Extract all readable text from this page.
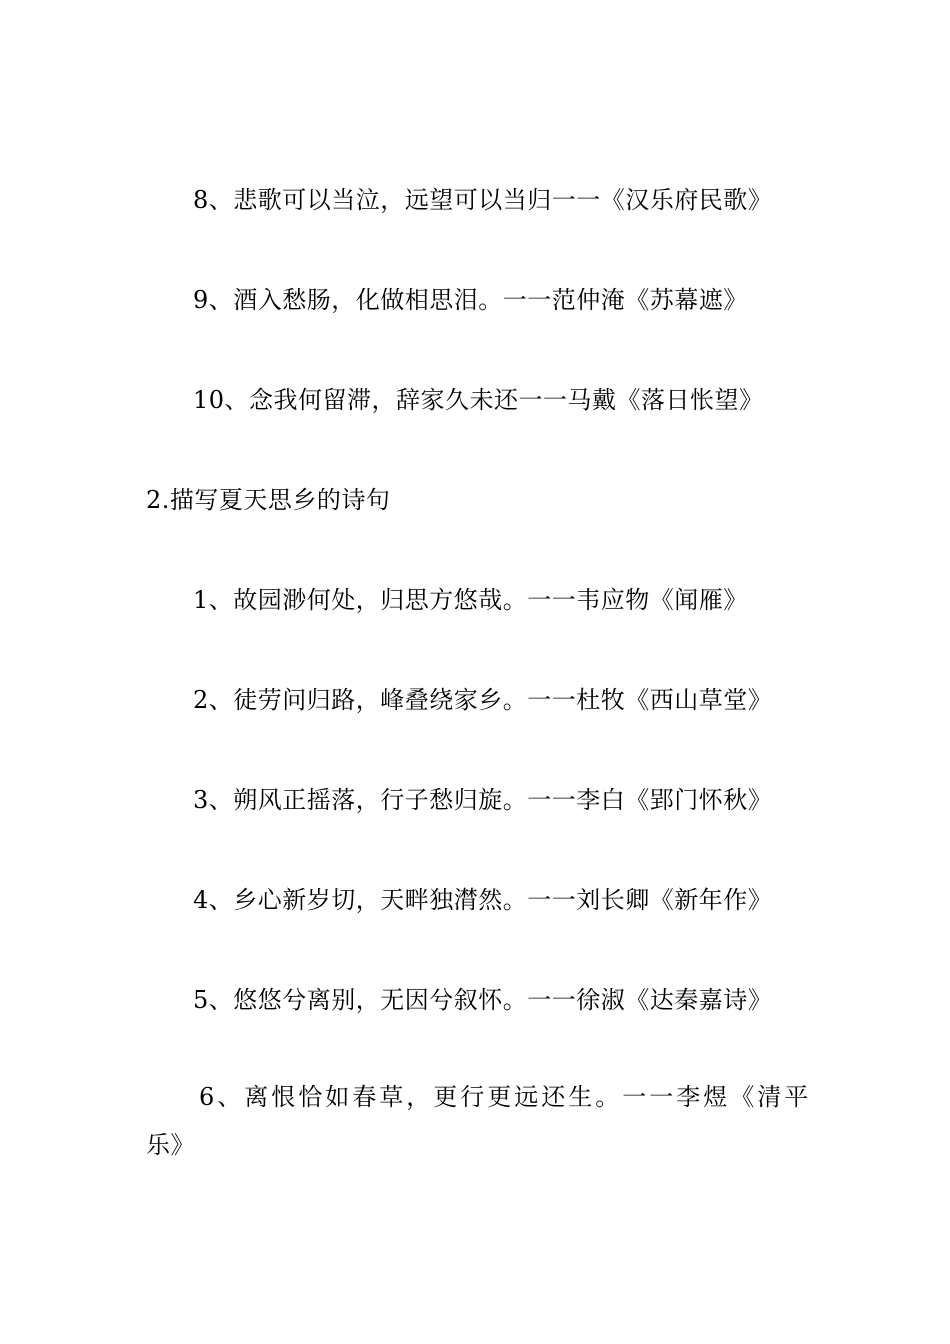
8、悲歌可以当泣，远望可以当归一一《汉乐府民歌》
9、酒入愁肠，化做相思泪。一一范仲淹《苏幕遮》
10、念我何留滞，辞家久未还一一马戴《落日怅望》
2.描写夏天思乡的诗句
1、故园渺何处，归思方悠哉。一一韦应物《闻雁》
2、徒劳问归路，峰叠绕家乡。一一杜牧《西山草堂》
3、朔风正摇落，行子愁归旋。一一李白《郢门怀秋》
4、乡心新岁切，天畔独潸然。一一刘长卿《新年作》
5、悠悠兮离别，无因兮叙怀。一一徐淑《达秦嘉诗》
6、离恨恰如春草，更行更远还生。一一李煜《清平
乐》
